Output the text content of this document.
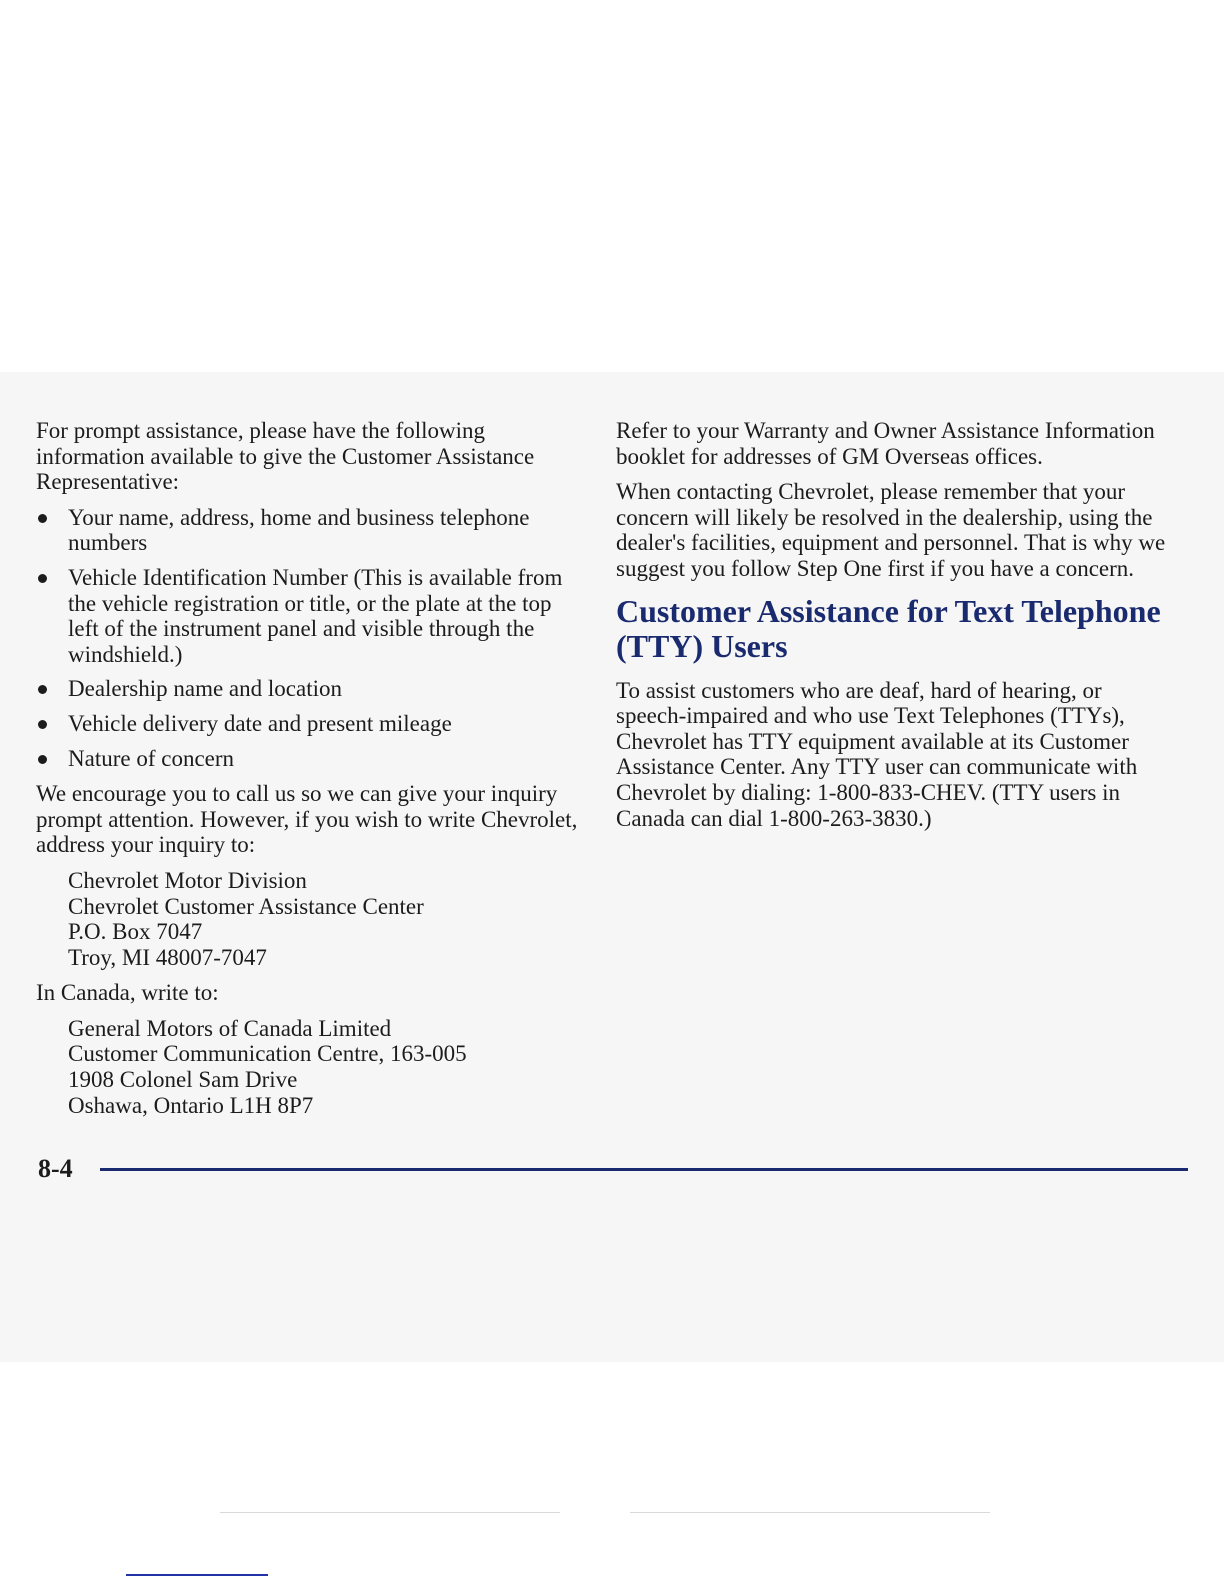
For prompt assistance, please have the following information available to give the Customer Assistance Representative:

Your name, address, home and business telephone numbers
Vehicle Identification Number (This is available from the vehicle registration or title, or the plate at the top left of the instrument panel and visible through the windshield.)
Dealership name and location
Vehicle delivery date and present mileage
Nature of concern

We encourage you to call us so we can give your inquiry prompt attention. However, if you wish to write Chevrolet, address your inquiry to:

Chevrolet Motor Division
Chevrolet Customer Assistance Center
P.O. Box 7047
Troy, MI 48007-7047

In Canada, write to:

General Motors of Canada Limited
Customer Communication Centre, 163-005
1908 Colonel Sam Drive
Oshawa, Ontario L1H 8P7

Refer to your Warranty and Owner Assistance Information booklet for addresses of GM Overseas offices.

When contacting Chevrolet, please remember that your concern will likely be resolved in the dealership, using the dealer's facilities, equipment and personnel. That is why we suggest you follow Step One first if you have a concern.

Customer Assistance for Text Telephone (TTY) Users

To assist customers who are deaf, hard of hearing, or speech-impaired and who use Text Telephones (TTYs), Chevrolet has TTY equipment available at its Customer Assistance Center. Any TTY user can communicate with Chevrolet by dialing: 1-800-833-CHEV. (TTY users in Canada can dial 1-800-263-3830.)

8-4
